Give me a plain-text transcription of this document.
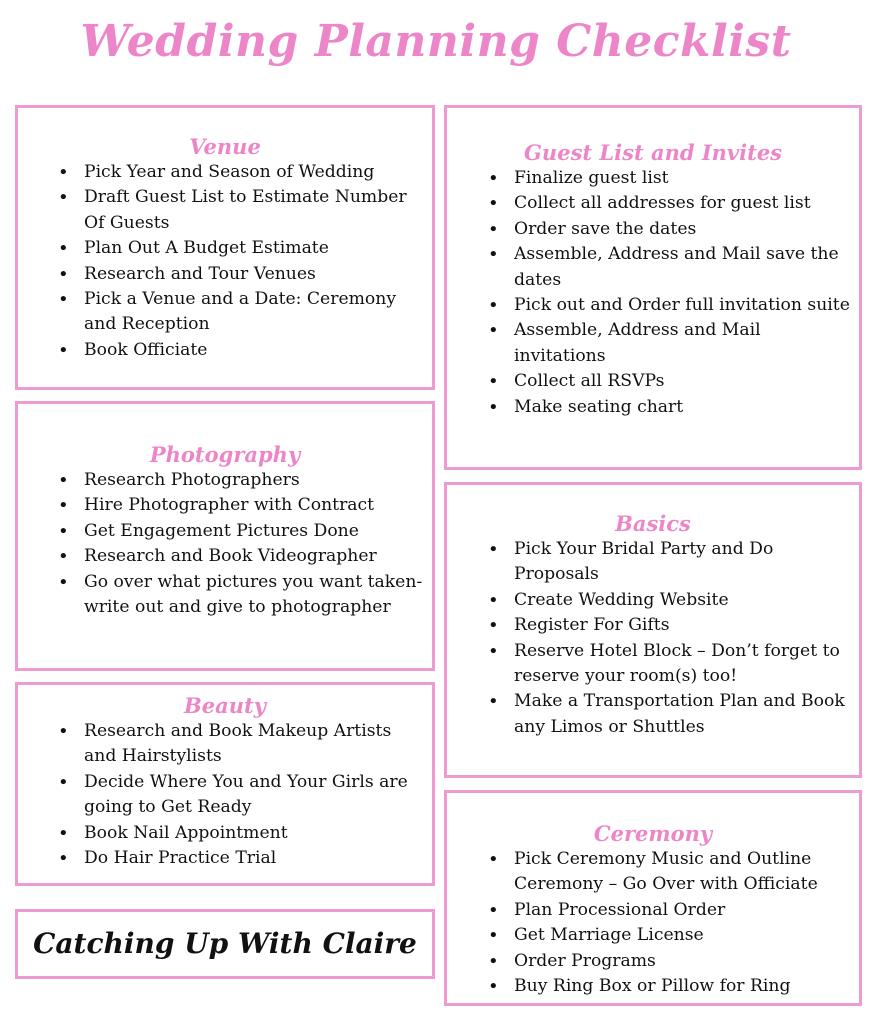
Wedding Planning Checklist
Venue
• Pick Year and Season of Wedding
• Draft Guest List to Estimate Number Of Guests
• Plan Out A Budget Estimate
• Research and Tour Venues
• Pick a Venue and a Date: Ceremony and Reception
• Book Officiate
Guest List and Invites
• Finalize guest list
• Collect all addresses for guest list
• Order save the dates
• Assemble, Address and Mail save the dates
• Pick out and Order full invitation suite
• Assemble, Address and Mail invitations
• Collect all RSVPs
• Make seating chart
Photography
• Research Photographers
• Hire Photographer with Contract
• Get Engagement Pictures Done
• Research and Book Videographer
• Go over what pictures you want taken- write out and give to photographer
Basics
• Pick Your Bridal Party and Do Proposals
• Create Wedding Website
• Register For Gifts
• Reserve Hotel Block – Don’t forget to reserve your room(s) too!
• Make a Transportation Plan and Book any Limos or Shuttles
Beauty
• Research and Book Makeup Artists and Hairstylists
• Decide Where You and Your Girls are going to Get Ready
• Book Nail Appointment
• Do Hair Practice Trial
Ceremony
• Pick Ceremony Music and Outline Ceremony – Go Over with Officiate
• Plan Processional Order
• Get Marriage License
• Order Programs
• Buy Ring Box or Pillow for Ring
Catching Up With Claire
